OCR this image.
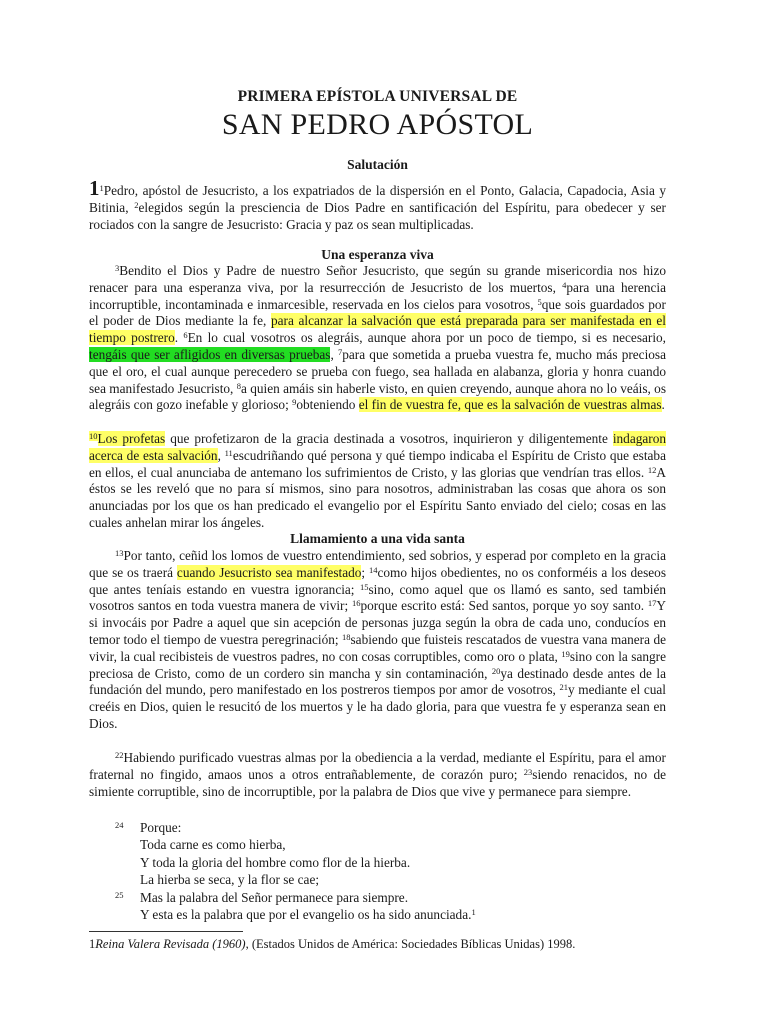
PRIMERA EPÍSTOLA UNIVERSAL DE
SAN PEDRO APÓSTOL
Salutación

$1^1Pedro$, apóstol de Jesucristo, a los expatriados de la dispersión en el Ponto, Galacia, Capadocia, Asia y Bitinia, $^2$elegidos según la presciencia de Dios Padre en santificación del Espíritu, para obedecer y ser rociados con la sangre de Jesucristo: Gracia y paz os sean multiplicadas.

Una esperanza viva

$^3$Bendito el Dios y Padre de nuestro Señor Jesucristo, que según su grande misericordia nos hizo renacer para una esperanza viva, por la resurrección de Jesucristo de los muertos, $^4$para una herencia incorruptible, incontaminada e inmarcesible, reservada en los cielos para vosotros, $^5$que sois guardados por el poder de Dios mediante la fe, para alcanzar la salvación que está preparada para ser manifestada en el tiempo postrero. $^6$En lo cual vosotros os alegráis, aunque ahora por un poco de tiempo, si es necesario, tengáis que ser afligidos en diversas pruebas, $^7$para que sometida a prueba vuestra fe, mucho más preciosa que el oro, el cual aunque perecedero se prueba con fuego, sea hallada en alabanza, gloria y honra cuando sea manifestado Jesucristo, $^8$a quien amáis sin haberle visto, en quien creyendo, aunque ahora no lo veáis, os alegráis con gozo inefable y glorioso; $^9$obteniendo el fin de vuestra fe, que es la salvación de vuestras almas.

$^{10}$Los profetas que profetizaron de la gracia destinada a vosotros, inquirieron y diligentemente indagaron acerca de esta salvación, $^{11}$escudriñando qué persona y qué tiempo indicaba el Espíritu de Cristo que estaba en ellos, el cual anunciaba de antemano los sufrimientos de Cristo, y las glorias que vendrían tras ellos. $^{12}$A éstos se les reveló que no para sí mismos, sino para nosotros, administraban las cosas que ahora os son anunciadas por los que os han predicado el evangelio por el Espíritu Santo enviado del cielo; cosas en las cuales anhelan mirar los ángeles.

Llamamiento a una vida santa

$^{13}$Por tanto, ceñid los lomos de vuestro entendimiento, sed sobrios, y esperad por completo en la gracia que se os traerá cuando Jesucristo sea manifestado; $^{14}$como hijos obedientes, no os conforméis a los deseos que antes teníais estando en vuestra ignorancia; $^{15}$sino, como aquel que os llamó es santo, sed también vosotros santos en toda vuestra manera de vivir; $^{16}$porque escrito está: Sed santos, porque yo soy santo. $^{17}$Y si invocáis por Padre a aquel que sin acepción de personas juzga según la obra de cada uno, conducíos en temor todo el tiempo de vuestra peregrinación; $^{18}$sabiendo que fuisteis rescatados de vuestra vana manera de vivir, la cual recibisteis de vuestros padres, no con cosas corruptibles, como oro o plata, $^{19}$sino con la sangre preciosa de Cristo, como de un cordero sin mancha y sin contaminación, $^{20}$ya destinado desde antes de la fundación del mundo, pero manifestado en los postreros tiempos por amor de vosotros, $^{21}$y mediante el cual creéis en Dios, quien le resucitó de los muertos y le ha dado gloria, para que vuestra fe y esperanza sean en Dios.

$^{22}$Habiendo purificado vuestras almas por la obediencia a la verdad, mediante el Espíritu, para el amor fraternal no fingido, amaos unos a otros entrañablemente, de corazón puro; $^{23}$siendo renacidos, no de simiente corruptible, sino de incorruptible, por la palabra de Dios que vive y permanece para siempre.

24 Porque:
Toda carne es como hierba,
Y toda la gloria del hombre como flor de la hierba.
La hierba se seca, y la flor se cae;
25 Mas la palabra del Señor permanece para siempre.
Y esta es la palabra que por el evangelio os ha sido anunciada.$^1$
1Reina Valera Revisada (1960), (Estados Unidos de América: Sociedades Bíblicas Unidas) 1998.
